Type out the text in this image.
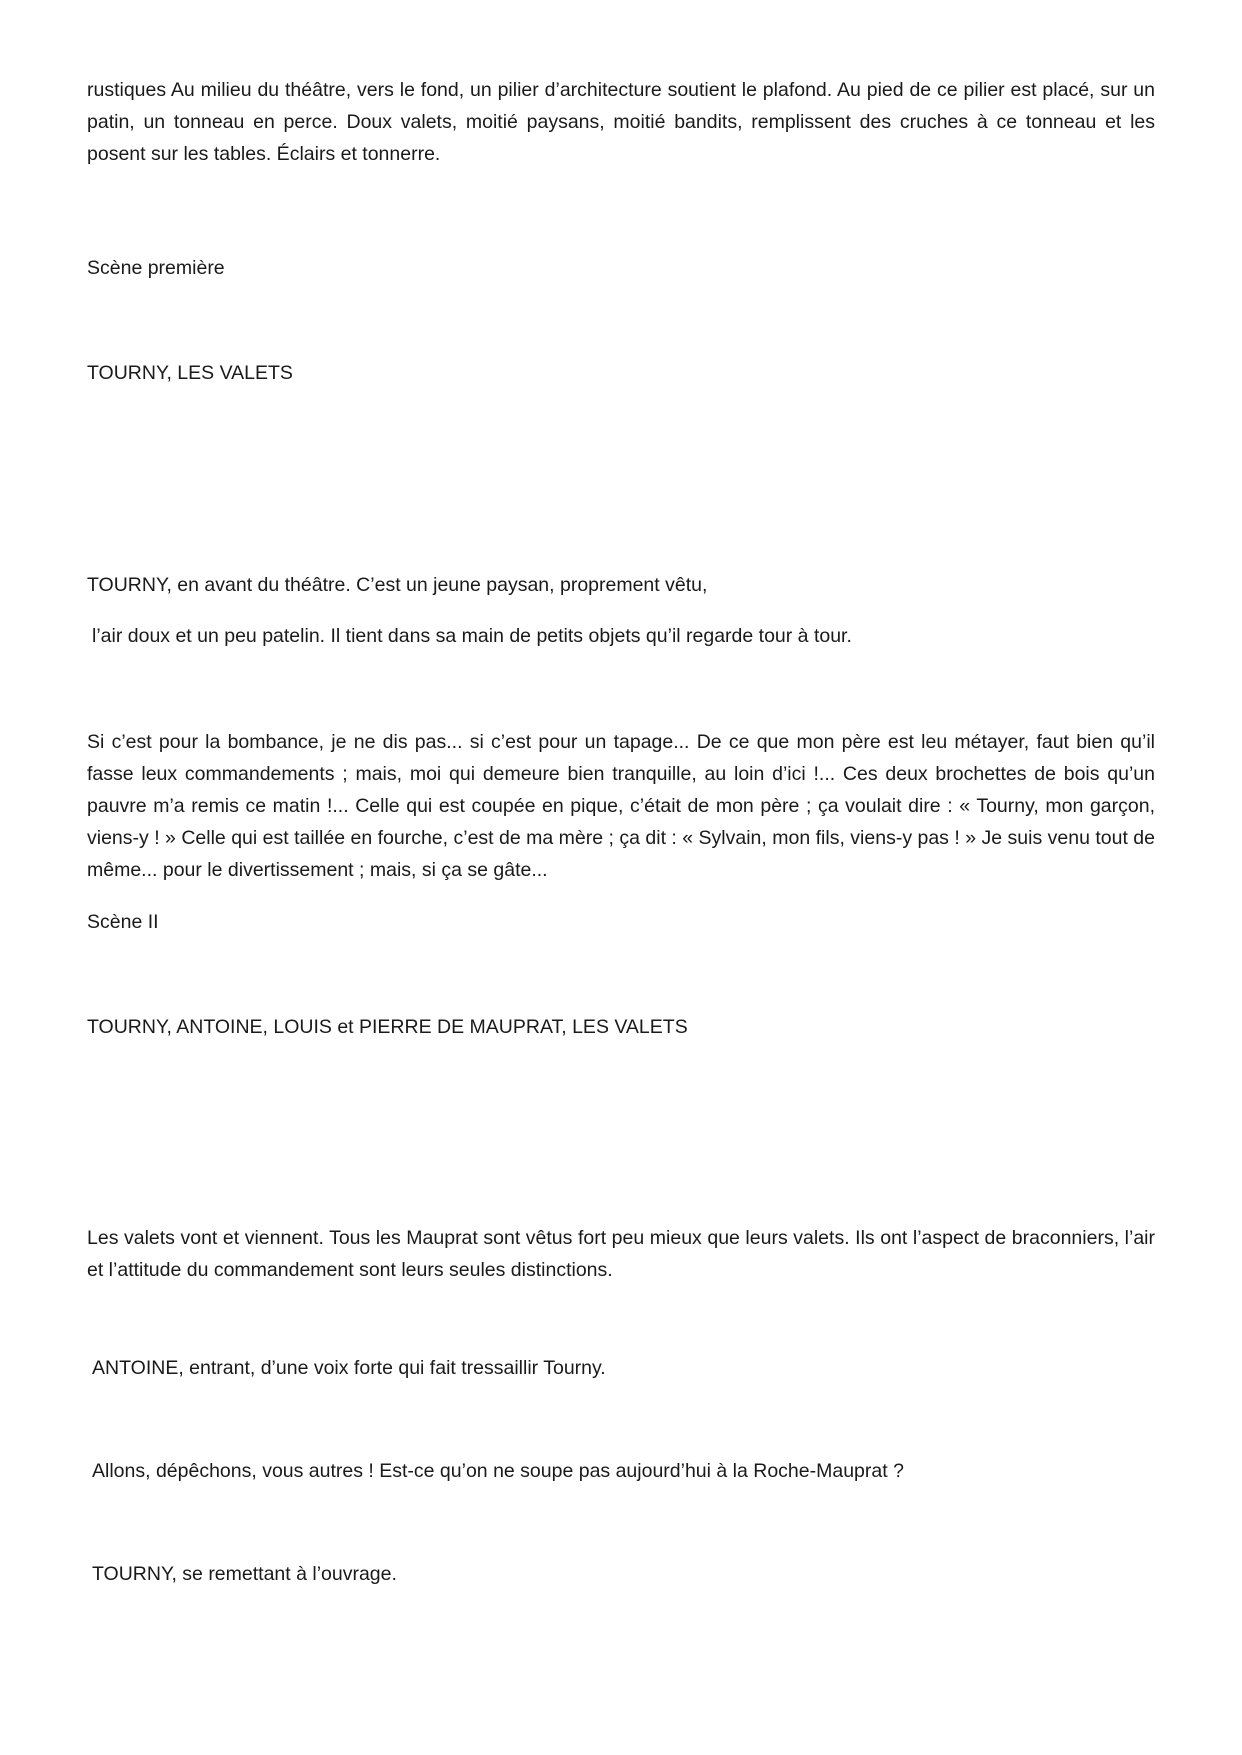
rustiques Au milieu du théâtre, vers le fond, un pilier d’architecture soutient le plafond. Au pied de ce pilier est placé, sur un patin, un tonneau en perce. Doux valets, moitié paysans, moitié bandits, remplissent des cruches à ce tonneau et les posent sur les tables. Éclairs et tonnerre.

Scène première

TOURNY, LES VALETS

TOURNY, en avant du théâtre. C’est un jeune paysan, proprement vêtu,

l’air doux et un peu patelin. Il tient dans sa main de petits objets qu’il regarde tour à tour.

Si c’est pour la bombance, je ne dis pas... si c’est pour un tapage... De ce que mon père est leu métayer, faut bien qu’il fasse leux commandements ; mais, moi qui demeure bien tranquille, au loin d’ici !... Ces deux brochettes de bois qu’un pauvre m’a remis ce matin !... Celle qui est coupée en pique, c’était de mon père ; ça voulait dire : « Tourny, mon garçon, viens-y ! » Celle qui est taillée en fourche, c’est de ma mère ; ça dit : « Sylvain, mon fils, viens-y pas ! » Je suis venu tout de même... pour le divertissement ; mais, si ça se gâte...

Scène II

TOURNY, ANTOINE, LOUIS et PIERRE DE MAUPRAT, LES VALETS

Les valets vont et viennent. Tous les Mauprat sont vêtus fort peu mieux que leurs valets. Ils ont l’aspect de braconniers, l’air et l’attitude du commandement sont leurs seules distinctions.

ANTOINE, entrant, d’une voix forte qui fait tressaillir Tourny.

Allons, dépêchons, vous autres ! Est-ce qu’on ne soupe pas aujourd’hui à la Roche-Mauprat ?

TOURNY, se remettant à l’ouvrage.
